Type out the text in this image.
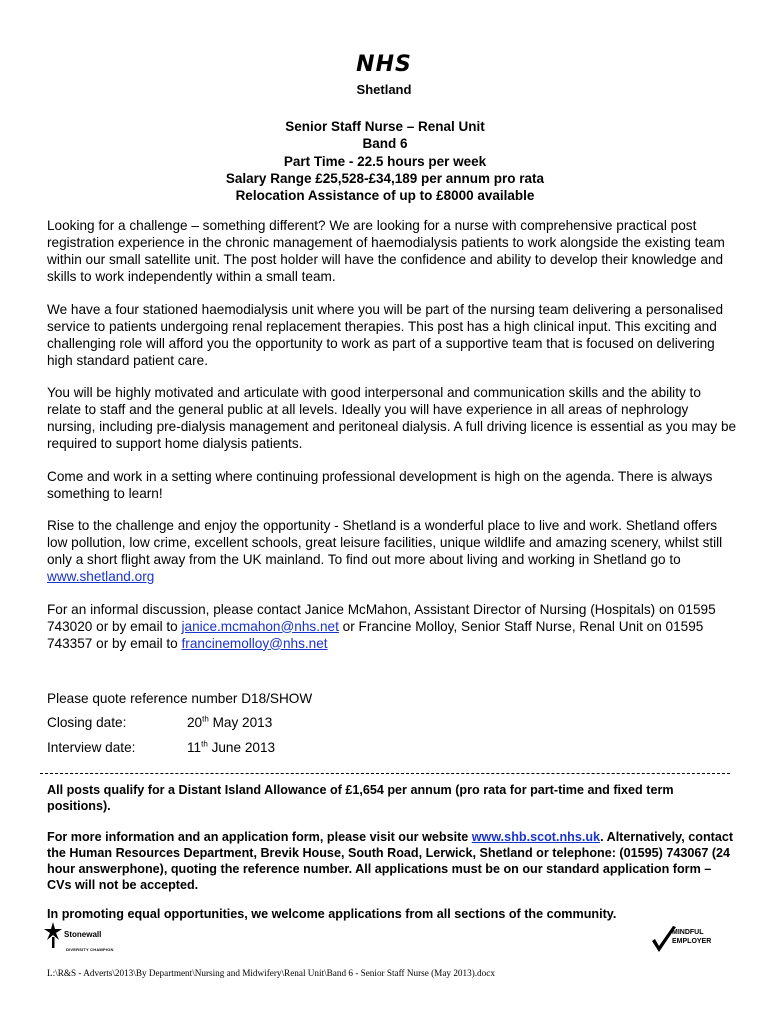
NHS
Shetland
Senior Staff Nurse – Renal Unit
Band 6
Part Time - 22.5 hours per week
Salary Range £25,528-£34,189 per annum pro rata
Relocation Assistance of up to £8000 available

Looking for a challenge – something different? We are looking for a nurse with comprehensive practical post registration experience in the chronic management of haemodialysis patients to work alongside the existing team within our small satellite unit. The post holder will have the confidence and ability to develop their knowledge and skills to work independently within a small team.

We have a four stationed haemodialysis unit where you will be part of the nursing team delivering a personalised service to patients undergoing renal replacement therapies. This post has a high clinical input. This exciting and challenging role will afford you the opportunity to work as part of a supportive team that is focused on delivering high standard patient care.

You will be highly motivated and articulate with good interpersonal and communication skills and the ability to relate to staff and the general public at all levels. Ideally you will have experience in all areas of nephrology nursing, including pre-dialysis management and peritoneal dialysis. A full driving licence is essential as you may be required to support home dialysis patients.

Come and work in a setting where continuing professional development is high on the agenda. There is always something to learn!

Rise to the challenge and enjoy the opportunity - Shetland is a wonderful place to live and work. Shetland offers low pollution, low crime, excellent schools, great leisure facilities, unique wildlife and amazing scenery, whilst still only a short flight away from the UK mainland. To find out more about living and working in Shetland go to www.shetland.org

For an informal discussion, please contact Janice McMahon, Assistant Director of Nursing (Hospitals) on 01595 743020 or by email to janice.mcmahon@nhs.net or Francine Molloy, Senior Staff Nurse, Renal Unit on 01595 743357 or by email to francinemolloy@nhs.net

Please quote reference number D18/SHOW
Closing date:	20th May 2013
Interview date:	11th June 2013
All posts qualify for a Distant Island Allowance of £1,654 per annum (pro rata for part-time and fixed term positions).
For more information and an application form, please visit our website www.shb.scot.nhs.uk. Alternatively, contact the Human Resources Department, Brevik House, South Road, Lerwick, Shetland or telephone: (01595) 743067 (24 hour answerphone), quoting the reference number. All applications must be on our standard application form – CVs will not be accepted.
In promoting equal opportunities, we welcome applications from all sections of the community.
Stonewall
DIVERSITY CHAMPION
MINDFUL
EMPLOYER
L:\R&S - Adverts\2013\By Department\Nursing and Midwifery\Renal Unit\Band 6 - Senior Staff Nurse (May 2013).docx
